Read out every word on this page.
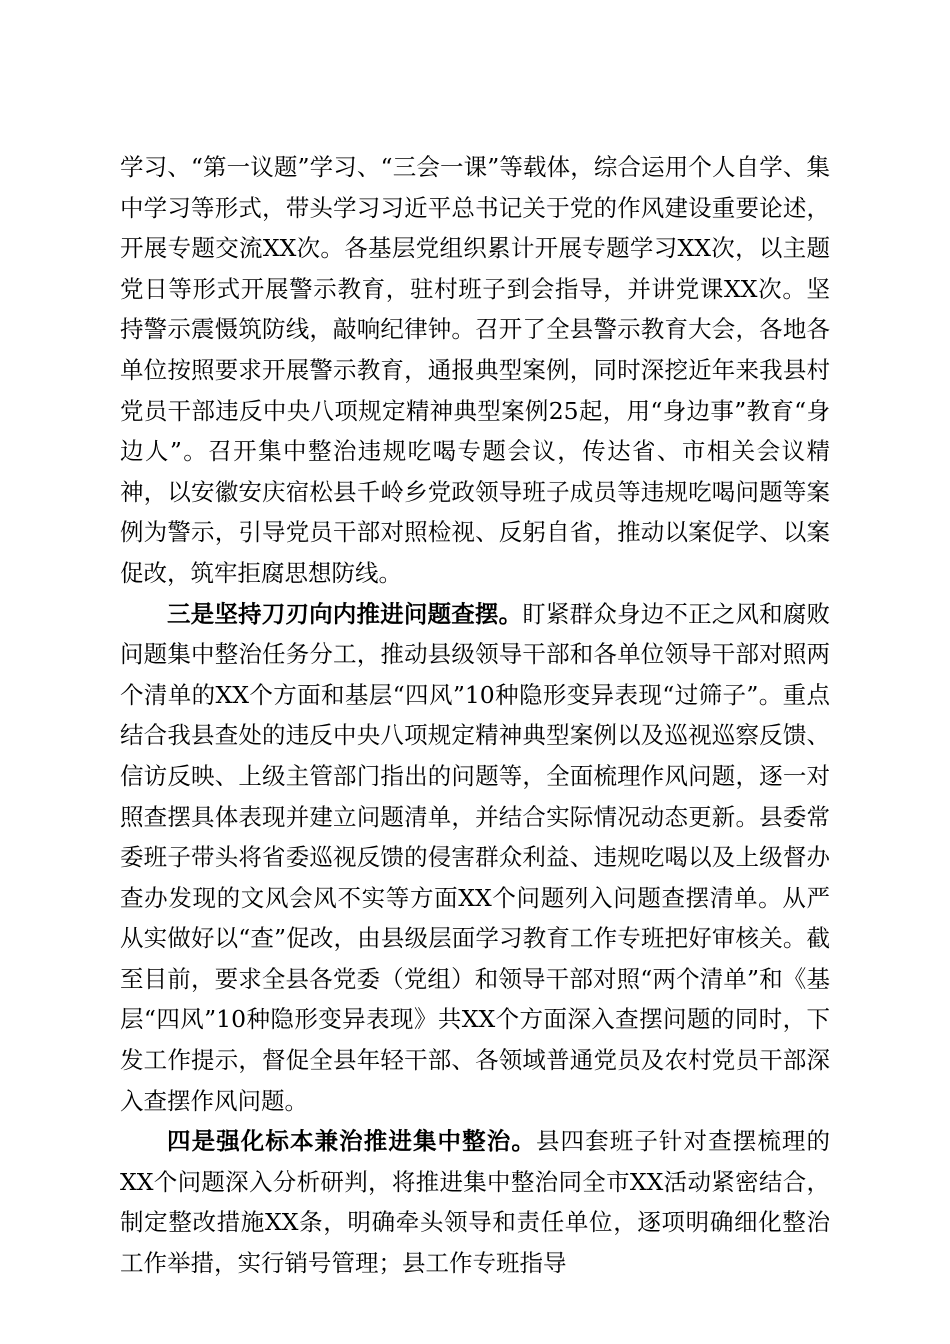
学习、“第一议题”学习、“三会一课”等载体，综合运用个人自学、集中学习等形式，带头学习习近平总书记关于党的作风建设重要论述，开展专题交流XX次。各基层党组织累计开展专题学习XX次，以主题党日等形式开展警示教育，驻村班子到会指导，并讲党课XX次。坚持警示震慑筑防线，敲响纪律钟。召开了全县警示教育大会，各地各单位按照要求开展警示教育，通报典型案例，同时深挖近年来我县村党员干部违反中央八项规定精神典型案例25起，用“身边事”教育“身边人”。召开集中整治违规吃喝专题会议，传达省、市相关会议精神，以安徽安庆宿松县千岭乡党政领导班子成员等违规吃喝问题等案例为警示，引导党员干部对照检视、反躬自省，推动以案促学、以案促改，筑牢拒腐思想防线。

三是坚持刀刃向内推进问题查摆。盯紧群众身边不正之风和腐败问题集中整治任务分工，推动县级领导干部和各单位领导干部对照两个清单的XX个方面和基层“四风”10种隐形变异表现“过筛子”。重点结合我县查处的违反中央八项规定精神典型案例以及巡视巡察反馈、信访反映、上级主管部门指出的问题等，全面梳理作风问题，逐一对照查摆具体表现并建立问题清单，并结合实际情况动态更新。县委常委班子带头将省委巡视反馈的侵害群众利益、违规吃喝以及上级督办查办发现的文风会风不实等方面XX个问题列入问题查摆清单。从严从实做好以“查”促改，由县级层面学习教育工作专班把好审核关。截至目前，要求全县各党委（党组）和领导干部对照“两个清单”和《基层“四风”10种隐形变异表现》共XX个方面深入查摆问题的同时，下发工作提示，督促全县年轻干部、各领域普通党员及农村党员干部深入查摆作风问题。

四是强化标本兼治推进集中整治。县四套班子针对查摆梳理的XX个问题深入分析研判，将推进集中整治同全市XX活动紧密结合，制定整改措施XX条，明确牵头领导和责任单位，逐项明确细化整治工作举措，实行销号管理；县工作专班指导
